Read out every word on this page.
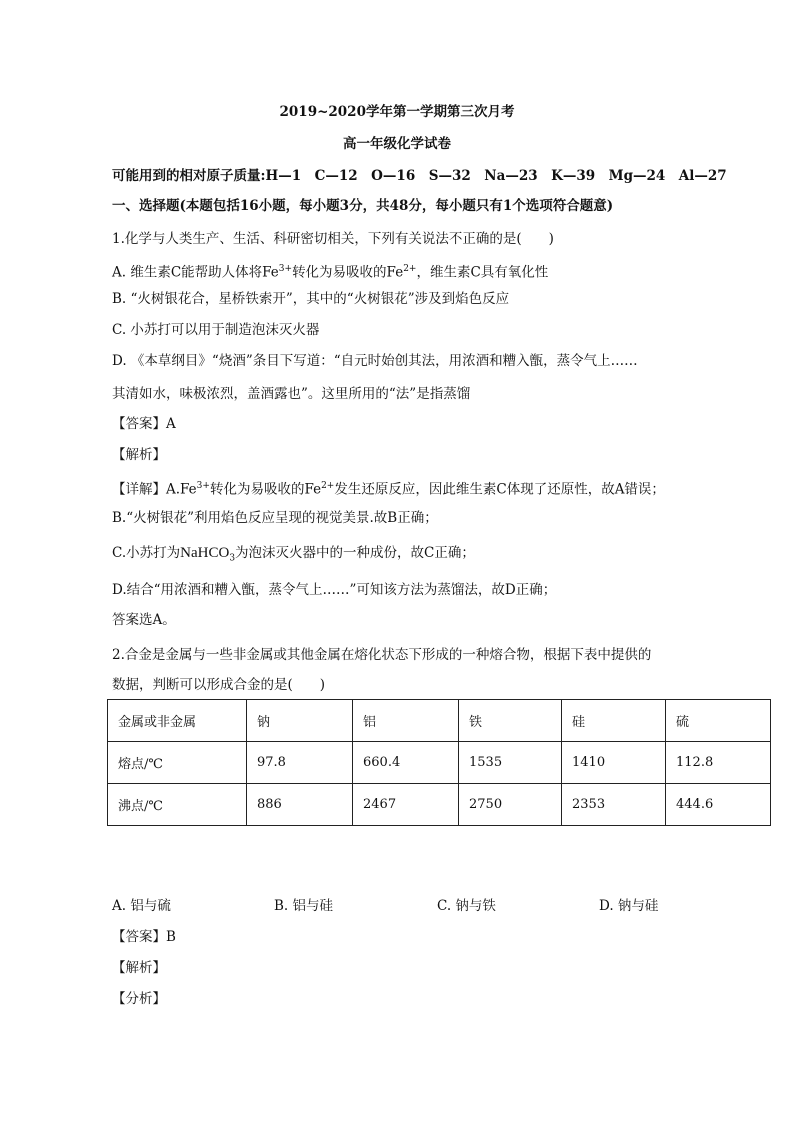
2019~2020学年第一学期第三次月考
高一年级化学试卷
可能用到的相对原子质量:H—1　C—12　O—16　S—32　Na—23　K—39　Mg—24　Al—27
一、选择题(本题包括16小题，每小题3分，共48分，每小题只有1个选项符合题意)
1.化学与人类生产、生活、科研密切相关，下列有关说法不正确的是(　　)
A. 维生素C能帮助人体将$Fe^{3+}$转化为易吸收的$Fe^{2+}$，维生素C具有氧化性
B. “火树银花合，星桥铁索开”，其中的“火树银花”涉及到焰色反应
C. 小苏打可以用于制造泡沫灭火器
D. 《本草纲目》“烧酒”条目下写道：“自元时始创其法，用浓酒和糟入甑，蒸令气上……
其清如水，味极浓烈，盖酒露也”。这里所用的“法”是指蒸馏
【答案】A
【解析】
【详解】$A.Fe^{3+}$转化为易吸收的$Fe^{2+}$发生还原反应，因此维生素C体现了还原性，故A错误；
B.“火树银花”利用焰色反应呈现的视觉美景.故B正确；
C.小苏打为NaHCO$_3$为泡沫灭火器中的一种成份，故C正确；
D.结合“用浓酒和糟入甑，蒸令气上……”可知该方法为蒸馏法，故D正确；
答案选A。
2.合金是金属与一些非金属或其他金属在熔化状态下形成的一种熔合物，根据下表中提供的
数据，判断可以形成合金的是(　　)
金属或非金属	钠	铝	铁	硅	硫
熔点/℃	97.8	660.4	1535	1410	112.8
沸点/℃	886	2467	2750	2353	444.6
A. 铝与硫	B. 铝与硅	C. 钠与铁	D. 钠与硅
【答案】B
【解析】
【分析】
